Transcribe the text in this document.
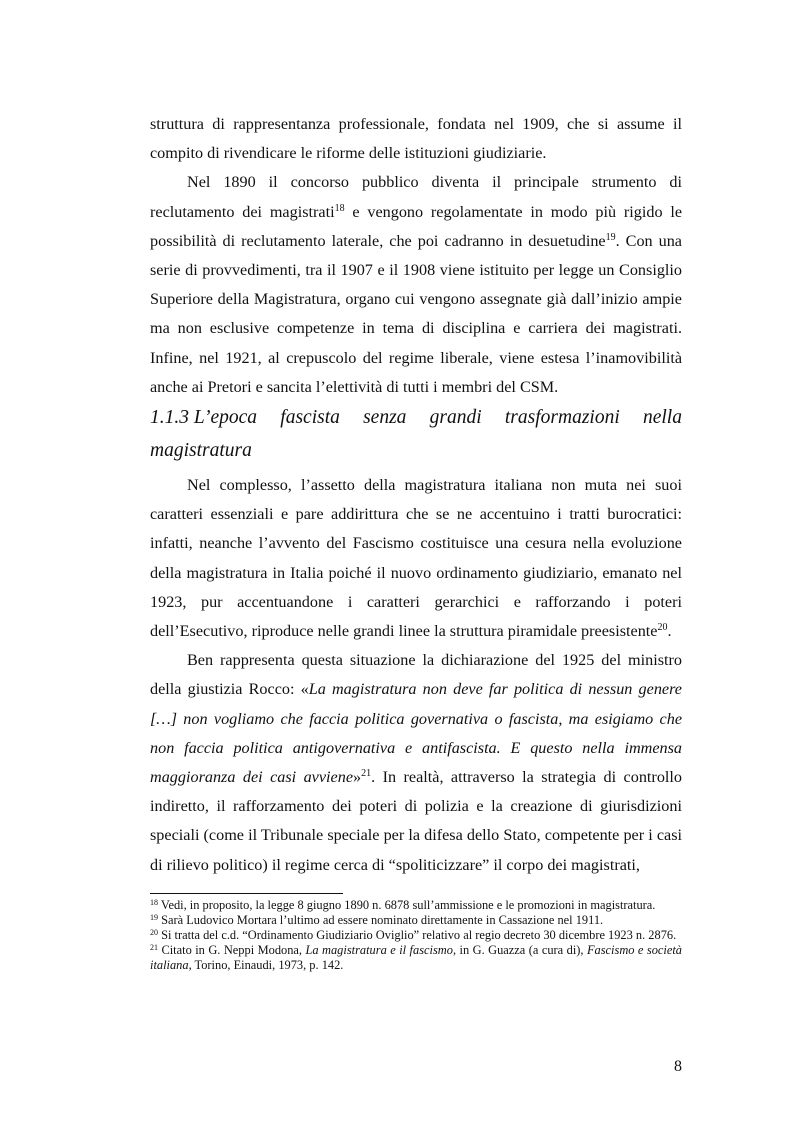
struttura di rappresentanza professionale, fondata nel 1909, che si assume il compito di rivendicare le riforme delle istituzioni giudiziarie.

Nel 1890 il concorso pubblico diventa il principale strumento di reclutamento dei magistrati$^{18}$ e vengono regolamentate in modo più rigido le possibilità di reclutamento laterale, che poi cadranno in desuetudine$^{19}$. Con una serie di provvedimenti, tra il 1907 e il 1908 viene istituito per legge un Consiglio Superiore della Magistratura, organo cui vengono assegnate già dall’inizio ampie ma non esclusive competenze in tema di disciplina e carriera dei magistrati. Infine, nel 1921, al crepuscolo del regime liberale, viene estesa l’inamovibilità anche ai Pretori e sancita l’elettività di tutti i membri del CSM.

1.1.3 L’epoca fascista senza grandi trasformazioni nella
magistratura

Nel complesso, l’assetto della magistratura italiana non muta nei suoi caratteri essenziali e pare addirittura che se ne accentuino i tratti burocratici: infatti, neanche l’avvento del Fascismo costituisce una cesura nella evoluzione della magistratura in Italia poiché il nuovo ordinamento giudiziario, emanato nel 1923, pur accentuandone i caratteri gerarchici e rafforzando i poteri dell’Esecutivo, riproduce nelle grandi linee la struttura piramidale preesistente$^{20}$.

Ben rappresenta questa situazione la dichiarazione del 1925 del ministro della giustizia Rocco: «La magistratura non deve far politica di nessun genere […] non vogliamo che faccia politica governativa o fascista, ma esigiamo che non faccia politica antigovernativa e antifascista. E questo nella immensa maggioranza dei casi avviene»$^{21}$. In realtà, attraverso la strategia di controllo indiretto, il rafforzamento dei poteri di polizia e la creazione di giurisdizioni speciali (come il Tribunale speciale per la difesa dello Stato, competente per i casi di rilievo politico) il regime cerca di “spoliticizzare” il corpo dei magistrati,

$^{18}$ Vedi, in proposito, la legge 8 giugno 1890 n. 6878 sull’ammissione e le promozioni in magistratura.

$^{19}$ Sarà Ludovico Mortara l’ultimo ad essere nominato direttamente in Cassazione nel 1911.

$^{20}$ Si tratta del c.d. “Ordinamento Giudiziario Oviglio” relativo al regio decreto 30 dicembre 1923 n. 2876.

$^{21}$ Citato in G. Neppi Modona, La magistratura e il fascismo, in G. Guazza (a cura di), Fascismo e società italiana, Torino, Einaudi, 1973, p. 142.

8
